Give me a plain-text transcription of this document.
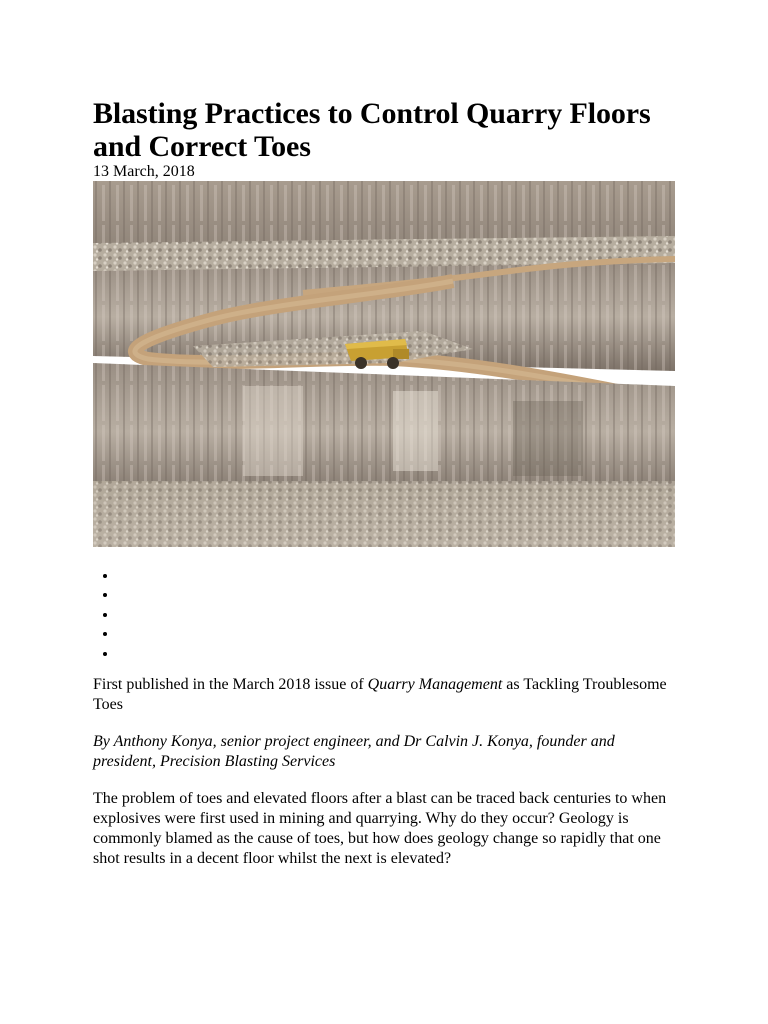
Blasting Practices to Control Quarry Floors and Correct Toes
13 March, 2018
•
•
•
•
•

First published in the March 2018 issue of Quarry Management as Tackling Troublesome Toes

By Anthony Konya, senior project engineer, and Dr Calvin J. Konya, founder and president, Precision Blasting Services

The problem of toes and elevated floors after a blast can be traced back centuries to when explosives were first used in mining and quarrying. Why do they occur? Geology is commonly blamed as the cause of toes, but how does geology change so rapidly that one shot results in a decent floor whilst the next is elevated?
